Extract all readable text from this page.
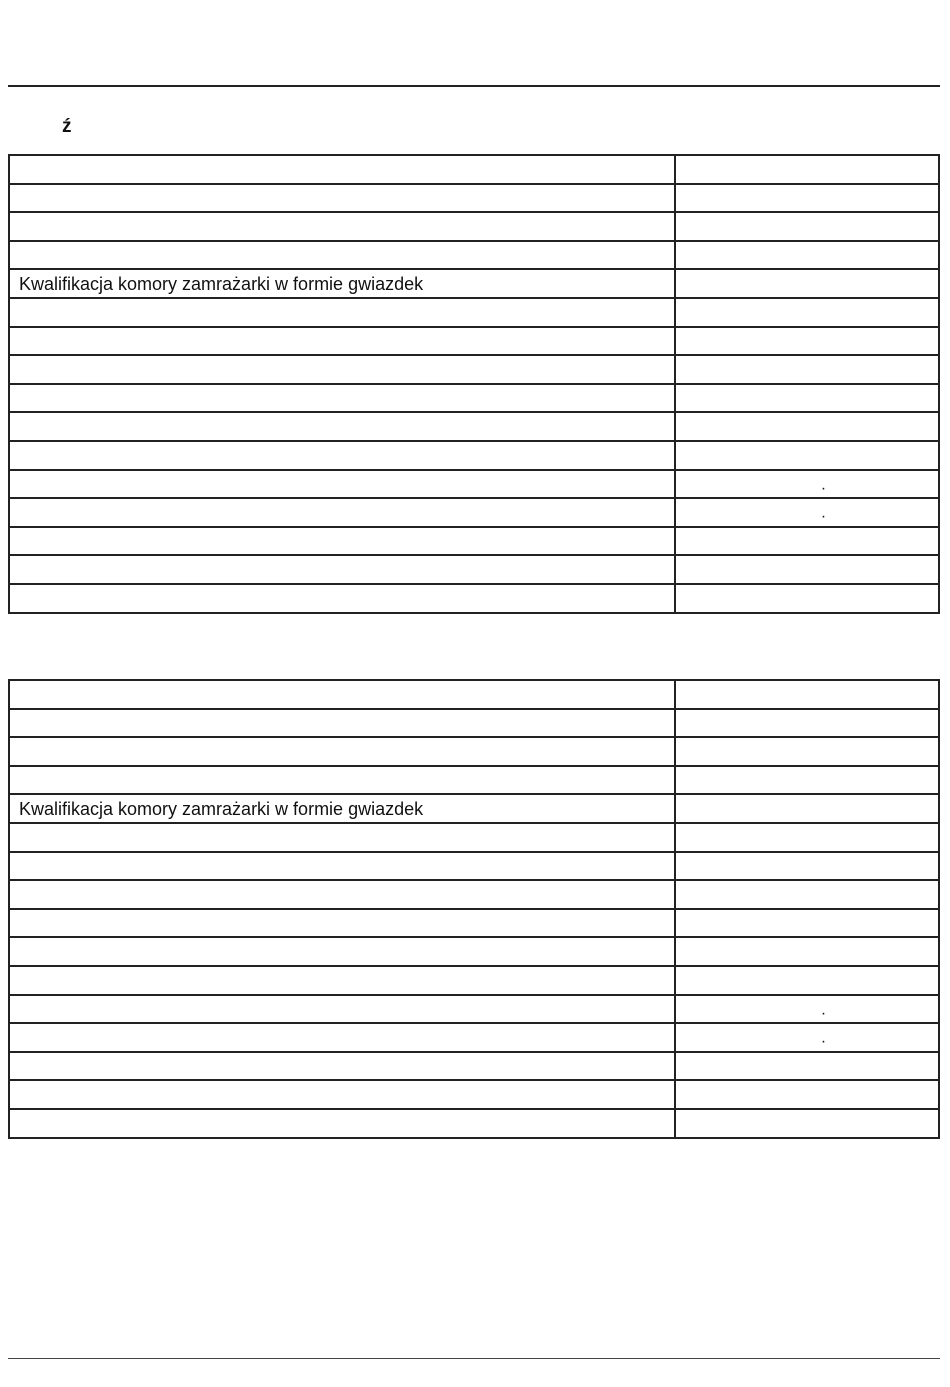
ź

Kwalifikacja komory zamrażarki w formie gwiazdek	

	.

	.

Kwalifikacja komory zamrażarki w formie gwiazdek	

	.

	.
